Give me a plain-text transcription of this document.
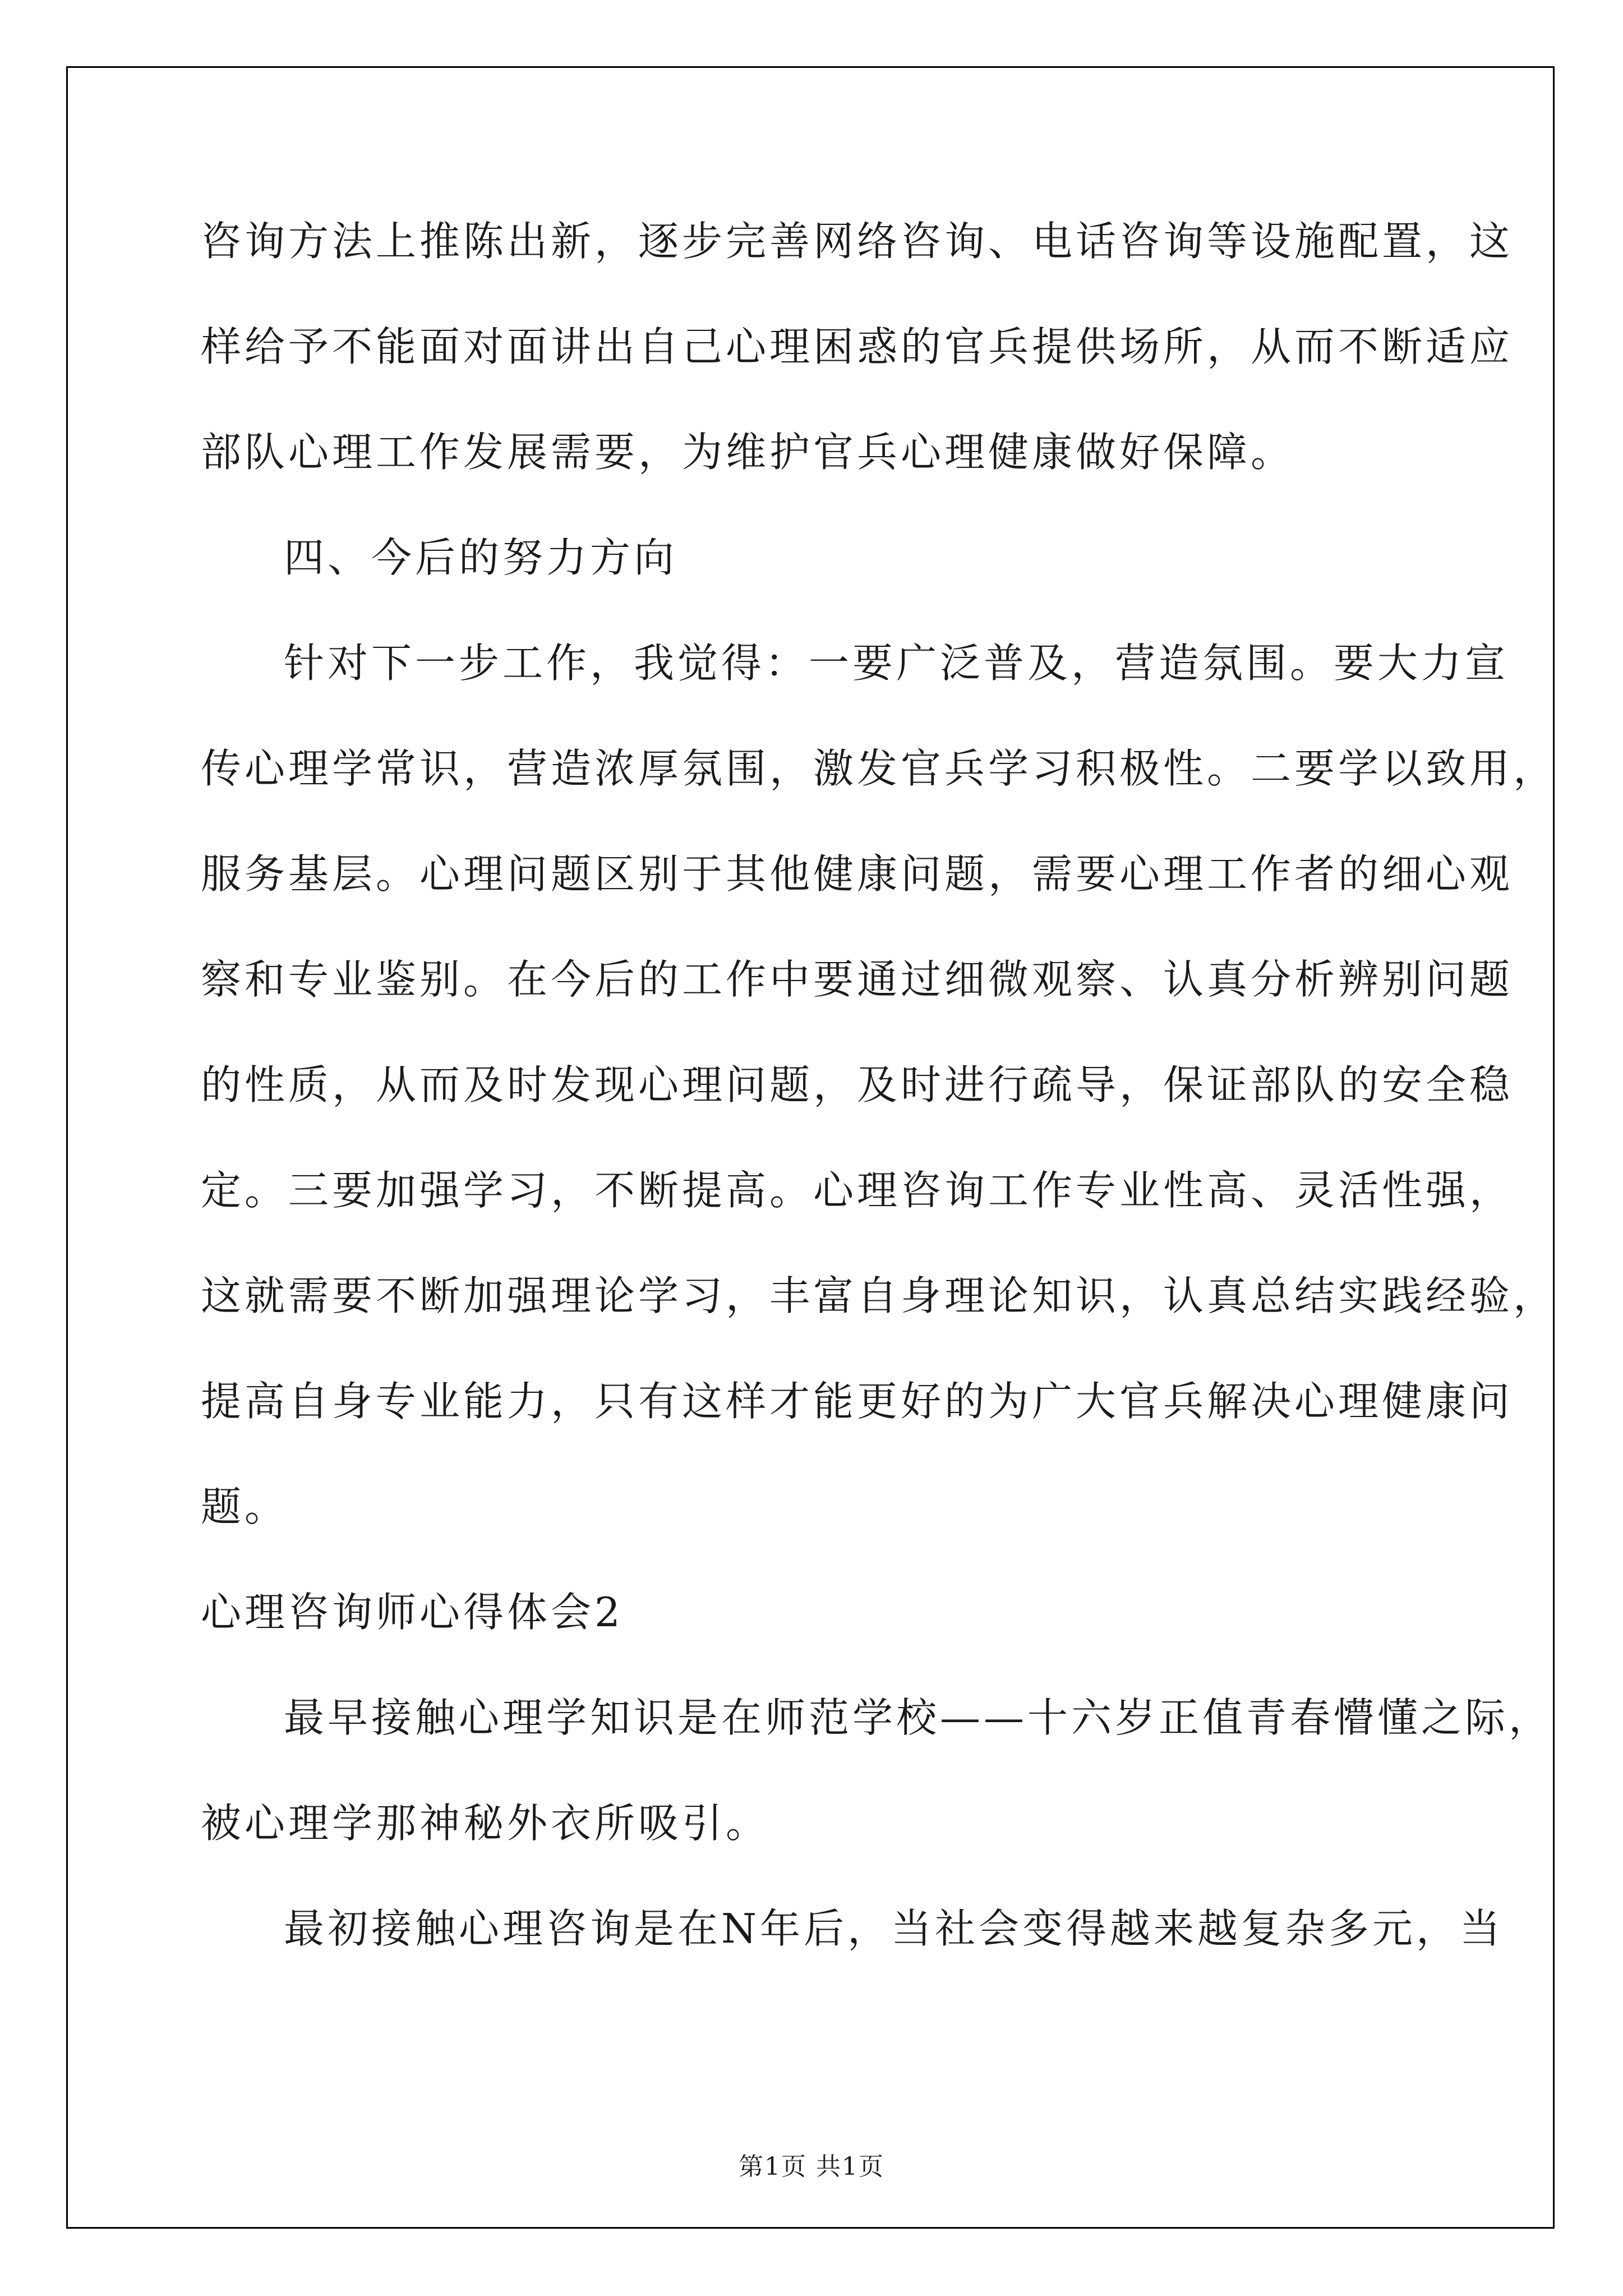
咨询方法上推陈出新，逐步完善网络咨询、电话咨询等设施配置，这
样给予不能面对面讲出自己心理困惑的官兵提供场所，从而不断适应
部队心理工作发展需要，为维护官兵心理健康做好保障。
四、今后的努力方向
针对下一步工作，我觉得：一要广泛普及，营造氛围。要大力宣
传心理学常识，营造浓厚氛围，激发官兵学习积极性。二要学以致用，
服务基层。心理问题区别于其他健康问题，需要心理工作者的细心观
察和专业鉴别。在今后的工作中要通过细微观察、认真分析辨别问题
的性质，从而及时发现心理问题，及时进行疏导，保证部队的安全稳
定。三要加强学习，不断提高。心理咨询工作专业性高、灵活性强，
这就需要不断加强理论学习，丰富自身理论知识，认真总结实践经验，
提高自身专业能力，只有这样才能更好的为广大官兵解决心理健康问
题。
心理咨询师心得体会2
最早接触心理学知识是在师范学校——十六岁正值青春懵懂之际，
被心理学那神秘外衣所吸引。
最初接触心理咨询是在N年后，当社会变得越来越复杂多元，当
第1页 共1页
